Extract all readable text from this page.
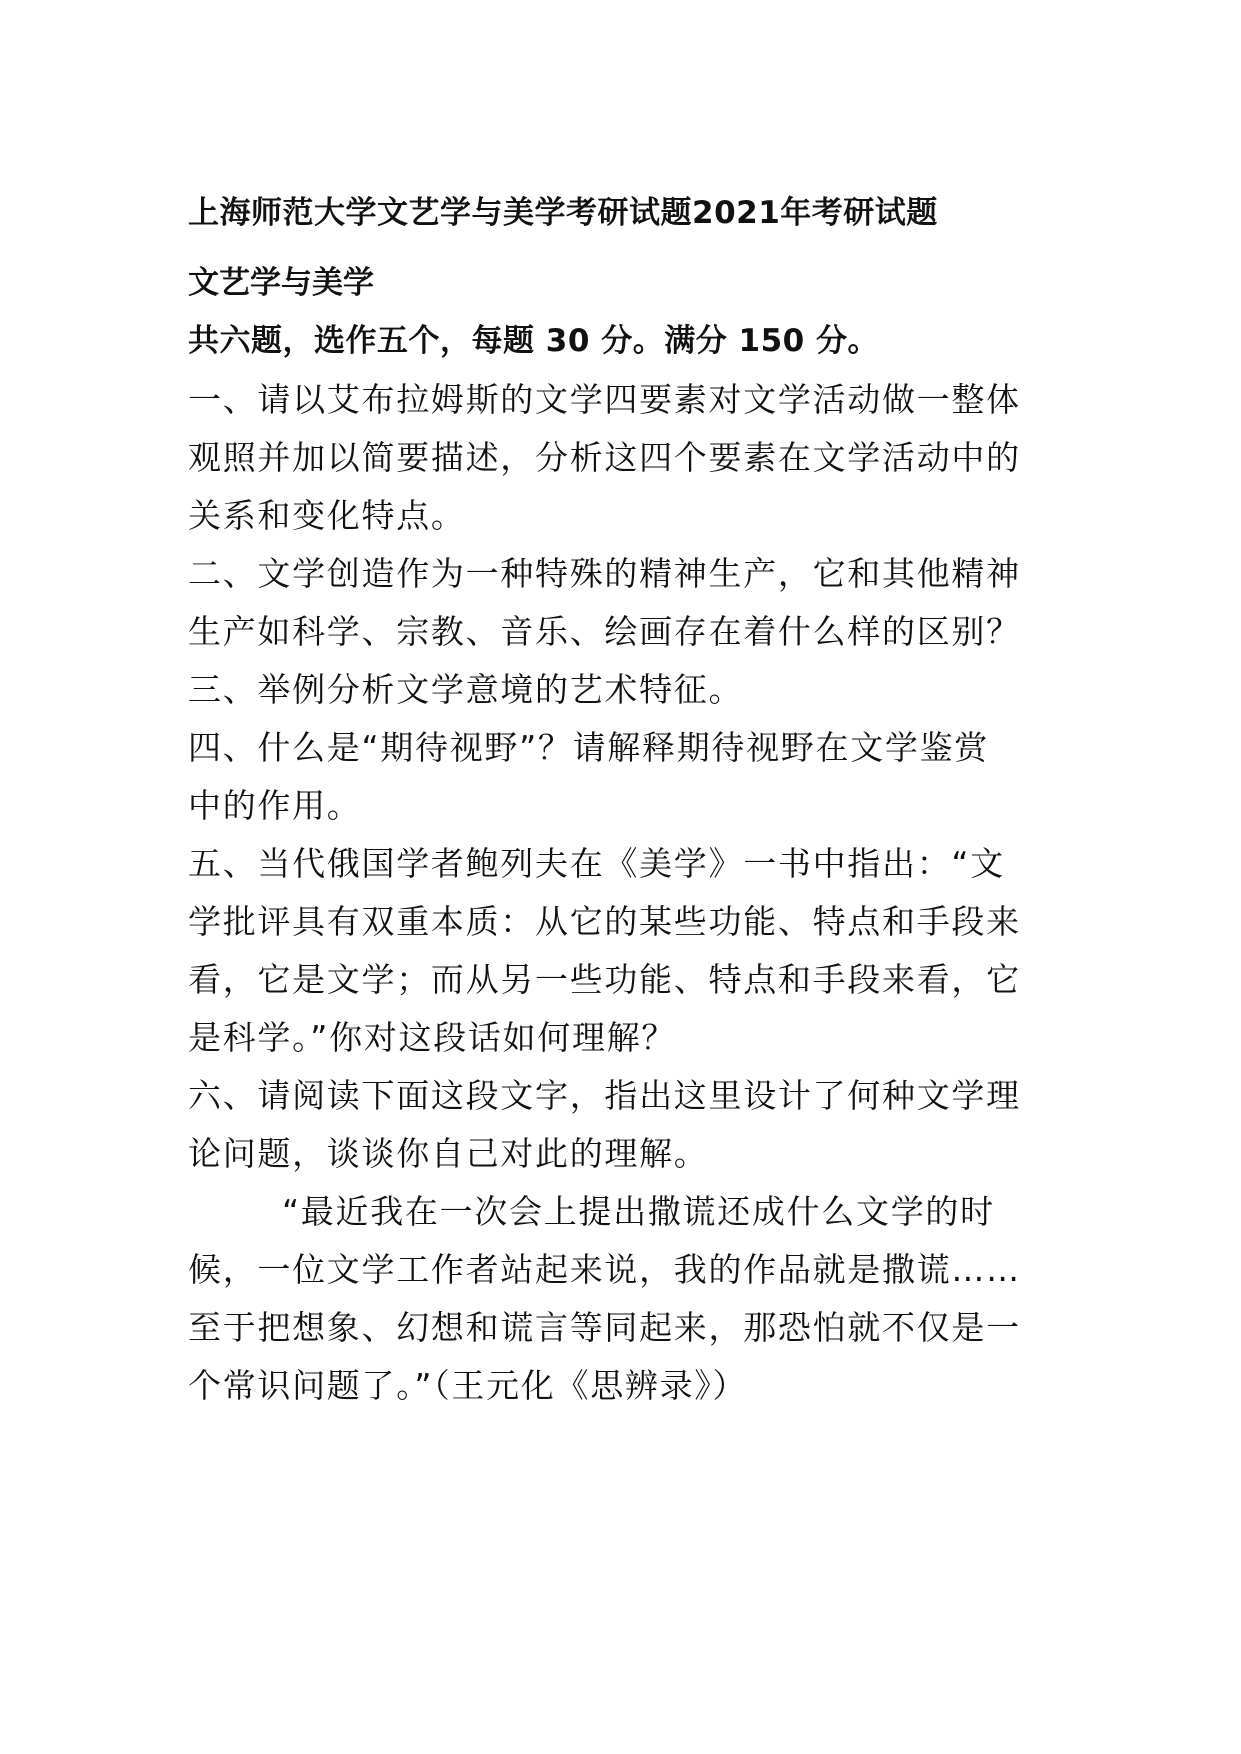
上海师范大学文艺学与美学考研试题2021年考研试题
文艺学与美学
共六题，选作五个，每题 30 分。满分 150 分。
一、请以艾布拉姆斯的文学四要素对文学活动做一整体
观照并加以简要描述，分析这四个要素在文学活动中的
关系和变化特点。
二、文学创造作为一种特殊的精神生产，它和其他精神
生产如科学、宗教、音乐、绘画存在着什么样的区别？
三、举例分析文学意境的艺术特征。
四、什么是“期待视野”？请解释期待视野在文学鉴赏
中的作用。
五、当代俄国学者鲍列夫在《美学》一书中指出：“文
学批评具有双重本质：从它的某些功能、特点和手段来
看，它是文学；而从另一些功能、特点和手段来看，它
是科学。”你对这段话如何理解？
六、请阅读下面这段文字，指出这里设计了何种文学理
论问题，谈谈你自己对此的理解。
“最近我在一次会上提出撒谎还成什么文学的时
候，一位文学工作者站起来说，我的作品就是撒谎……
至于把想象、幻想和谎言等同起来，那恐怕就不仅是一
个常识问题了。”（王元化《思辨录》）
